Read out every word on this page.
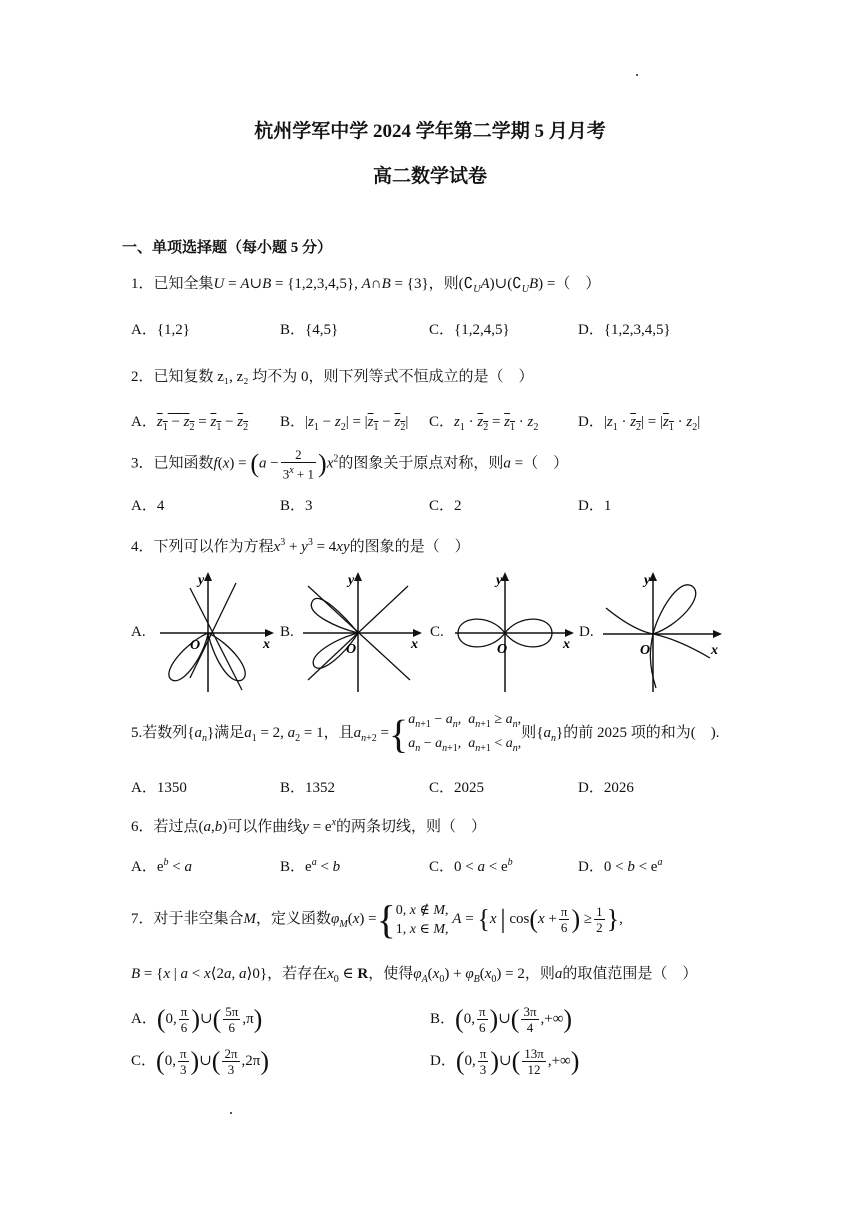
杭州学军中学 2024 学年第二学期 5 月月考
高二数学试卷
一、单项选择题（每小题 5 分）
1．已知全集U = A∪B = {1,2,3,4,5}, A∩B = {3}，则$(∁_UA)\cup(∁_UB)$ =（　）
A．{1,2}	B．{4,5}	C．{1,2,4,5}	D．{1,2,3,4,5}
2．已知复数 z₁, z₂ 均不为 0，则下列等式不恒成立的是（　）
A．$z_1 - z_2 = z_1 - z_2$ B．$|z_1 - z_2| = |z_1 - z_2|$ C．$z_1 \cdot z_2 = z_1 \cdot z_2$	D．$|z_1 \cdot z_2| = |z_1 \cdot z_2|$
3．已知函数$f(x) = (a - \frac{2}{3^x + 1} )x^2$的图象关于原点对称，则a =（　）
A．4	B．3	C．2	D．1
4．下列可以作为方程$x^3 + y^3 = 4xy$的图象的是（　）
A.	B.	C.	D.
y
x
O
y
x
O
y
x
O
y
x
O
5.若数列$\{a_n\}$满足$a_1 = 2$, $a_2 = 1$，且$a_{n+2}$ ={ $a_{n+1} - a_n$,  $a_{n+1} \ge a_n$,
$a_n - a_{n+1}$,  $a_{n+1} < a_n$,
则$\{a_n\}$的前 2025 项的和为(　).
A．1350	B．1352	C．2025	D．2026
6．若过点(a,b)可以作曲线$y = e^x$的两条切线，则（　）
A．$e^b < a$	B．$e^a < b$	C．$0 < a < e^b$	D．$0 < b < e^a$
7．对于非空集合M，定义函数$\varphi_M(x)$ ={ 0, x ∉ M,
1, x ∈ M,
A = {x | $\cos(x + \frac{\pi}{6}$ ) ≥ $\frac{1}{2}$ },
B = {x | a < x⟨2a, a⟩0}，若存在$x_0$ ∈ R，使得$\varphi_A(x_0) + \varphi_B(x_0) = 2$，则a的取值范围是（　）
A．(0, $\frac{\pi}{6}$ )∪( $\frac{5\pi}{6} ,\pi$)	B．(0, $\frac{\pi}{6}$ )∪( $\frac{3\pi}{4}$ ,+∞)
C．(0, $\frac{\pi}{3}$ )∪( $\frac{2\pi}{3} ,2\pi$)	D．(0, $\frac{\pi}{3}$ )∪( $\frac{13\pi}{12}$ ,+∞)
